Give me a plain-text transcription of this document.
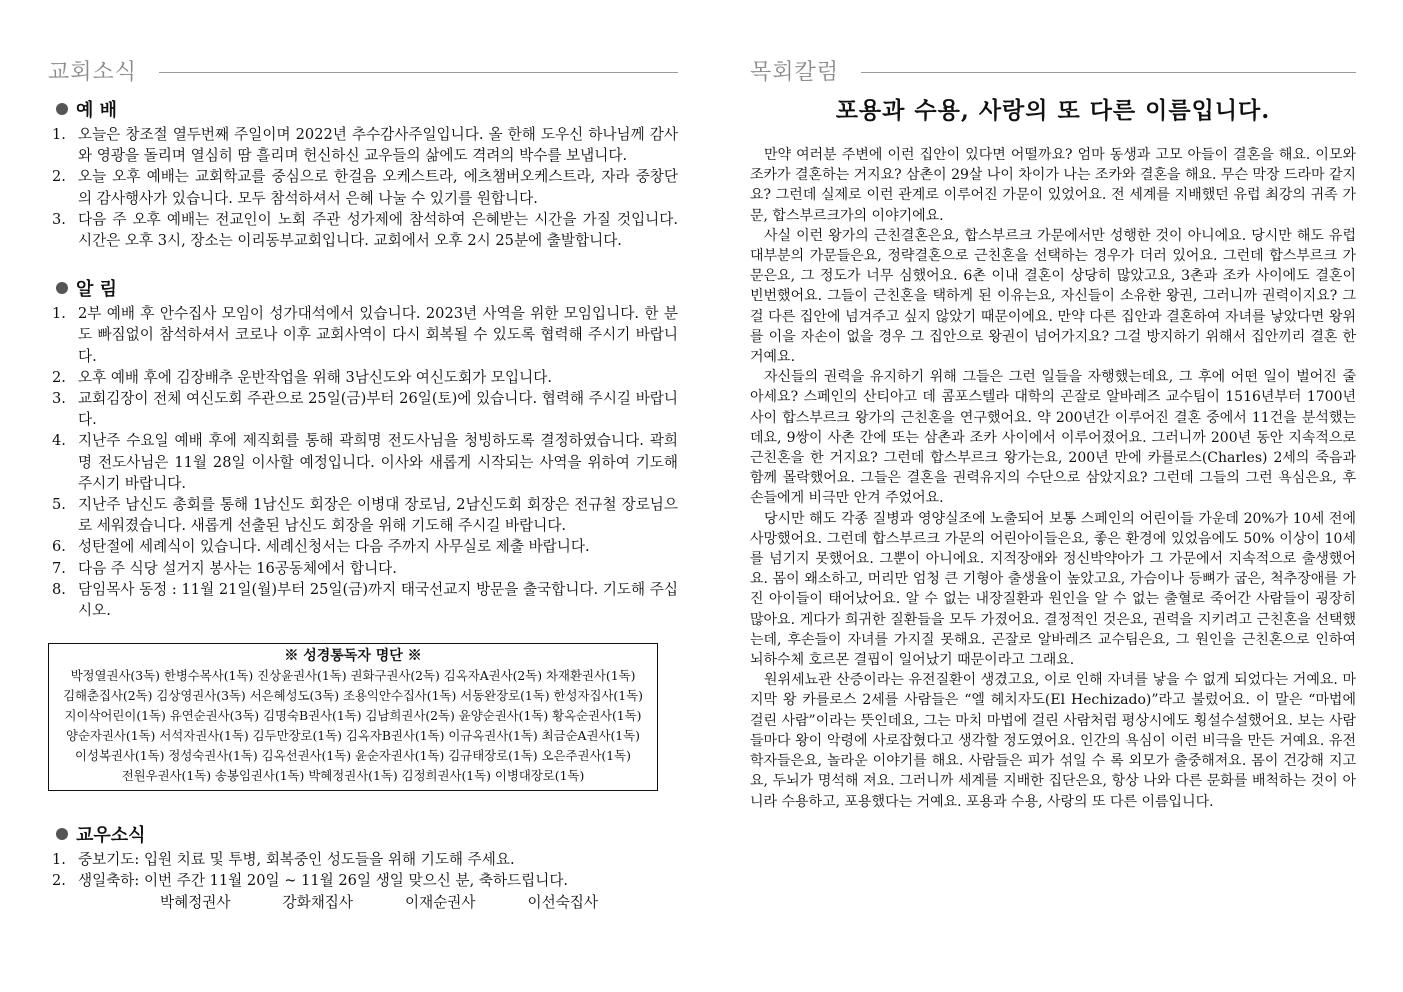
교회소식
예 배
1. 오늘은 창조절 열두번째 주일이며 2022년 추수감사주일입니다. 올 한해 도우신 하나님께 감사와 영광을 돌리며 열심히 땀 흘리며 헌신하신 교우들의 삶에도 격려의 박수를 보냅니다.
2. 오늘 오후 예배는 교회학교를 중심으로 한걸음 오케스트라, 에츠챔버오케스트라, 자라 중창단의 감사행사가 있습니다. 모두 참석하셔서 은혜 나눌 수 있기를 원합니다.
3. 다음 주 오후 예배는 전교인이 노회 주관 성가제에 참석하여 은혜받는 시간을 가질 것입니다. 시간은 오후 3시, 장소는 이리동부교회입니다. 교회에서 오후 2시 25분에 출발합니다.
알 림
1. 2부 예배 후 안수집사 모임이 성가대석에서 있습니다. 2023년 사역을 위한 모임입니다. 한 분 도 빠짐없이 참석하셔서 코로나 이후 교회사역이 다시 회복될 수 있도록 협력해 주시기 바랍니다.
2. 오후 예배 후에 김장배추 운반작업을 위해 3남신도와 여신도회가 모입니다.
3. 교회김장이 전체 여신도회 주관으로 25일(금)부터 26일(토)에 있습니다. 협력해 주시길 바랍니다.
4. 지난주 수요일 예배 후에 제직회를 통해 곽희명 전도사님을 청빙하도록 결정하였습니다. 곽희명 전도사님은 11월 28일 이사할 예정입니다. 이사와 새롭게 시작되는 사역을 위하여 기도해 주시기 바랍니다.
5. 지난주 남신도 총회를 통해 1남신도 회장은 이병대 장로님, 2남신도회 회장은 전규철 장로님으로 세워졌습니다. 새롭게 선출된 남신도 회장을 위해 기도해 주시길 바랍니다.
6. 성탄절에 세례식이 있습니다. 세례신청서는 다음 주까지 사무실로 제출 바랍니다.
7. 다음 주 식당 설거지 봉사는 16공동체에서 합니다.
8. 담임목사 동정 : 11월 21일(월)부터 25일(금)까지 태국선교지 방문을 출국합니다. 기도해 주십시오.
※ 성경통독자 명단 ※
박정열권사(3독) 한병수목사(1독) 진상윤권사(1독) 권화구권사(2독) 김옥자A권사(2독) 차재환권사(1독)
김해춘집사(2독) 김상영권사(3독) 서은혜성도(3독) 조용익안수집사(1독) 서동완장로(1독) 한성자집사(1독)
지이삭어린이(1독) 유연순권사(3독) 김명숙B권사(1독) 김남희권사(2독) 윤양순권사(1독) 황옥순권사(1독)
양순자권사(1독) 서석자권사(1독) 김두만장로(1독) 김옥자B권사(1독) 이규옥권사(1독) 최금순A권사(1독)
이성복권사(1독) 정성숙권사(1독) 김옥선권사(1독) 윤순자권사(1독) 김규태장로(1독) 오은주권사(1독)
전원우권사(1독) 송봉임권사(1독) 박혜정권사(1독) 김정희권사(1독) 이병대장로(1독)
교우소식
1. 중보기도: 입원 치료 및 투병, 회복중인 성도들을 위해 기도해 주세요.
2. 생일축하: 이번 주간 11월 20일 ~ 11월 26일 생일 맞으신 분, 축하드립니다.
박혜정권사	강화채집사	이재순권사	이선숙집사
목회칼럼
포용과 수용, 사랑의 또 다른 이름입니다.

만약 여러분 주변에 이런 집안이 있다면 어떨까요? 엄마 동생과 고모 아들이 결혼을 해요. 이모와 조카가 결혼하는 거지요? 삼촌이 29살 나이 차이가 나는 조카와 결혼을 해요. 무슨 막장 드라마 같지요? 그런데 실제로 이런 관계로 이루어진 가문이 있었어요. 전 세계를 지배했던 유럽 최강의 귀족 가문, 합스부르크가의 이야기에요.

사실 이런 왕가의 근친결혼은요, 합스부르크 가문에서만 성행한 것이 아니에요. 당시만 해도 유럽 대부분의 가문들은요, 정략결혼으로 근친혼을 선택하는 경우가 더러 있어요. 그런데 합스부르크 가문은요, 그 정도가 너무 심했어요. 6촌 이내 결혼이 상당히 많았고요, 3촌과 조카 사이에도 결혼이 빈번했어요. 그들이 근친혼을 택하게 된 이유는요, 자신들이 소유한 왕권, 그러니까 권력이지요? 그걸 다른 집안에 넘겨주고 싶지 않았기 때문이에요. 만약 다른 집안과 결혼하여 자녀를 낳았다면 왕위를 이을 자손이 없을 경우 그 집안으로 왕권이 넘어가지요? 그걸 방지하기 위해서 집안끼리 결혼 한 거예요.

자신들의 권력을 유지하기 위해 그들은 그런 일들을 자행했는데요, 그 후에 어떤 일이 벌어진 줄 아세요? 스페인의 산티아고 데 콤포스텔라 대학의 곤잘로 알바레즈 교수팀이 1516년부터 1700년 사이 합스부르크 왕가의 근친혼을 연구했어요. 약 200년간 이루어진 결혼 중에서 11건을 분석했는데요, 9쌍이 사촌 간에 또는 삼촌과 조카 사이에서 이루어졌어요. 그러니까 200년 동안 지속적으로 근친혼을 한 거지요? 그런데 합스부르크 왕가는요, 200년 만에 카를로스(Charles) 2세의 죽음과 함께 몰락했어요. 그들은 결혼을 권력유지의 수단으로 삼았지요? 그런데 그들의 그런 욕심은요, 후손들에게 비극만 안겨 주었어요.

당시만 해도 각종 질병과 영양실조에 노출되어 보통 스페인의 어린이들 가운데 20%가 10세 전에 사망했어요. 그런데 합스부르크 가문의 어린아이들은요, 좋은 환경에 있었음에도 50% 이상이 10세를 넘기지 못했어요. 그뿐이 아니에요. 지적장애와 정신박약아가 그 가문에서 지속적으로 출생했어요. 몸이 왜소하고, 머리만 엄청 큰 기형아 출생율이 높았고요, 가슴이나 등뼈가 굽은, 척추장애를 가진 아이들이 태어났어요. 알 수 없는 내장질환과 원인을 알 수 없는 출혈로 죽어간 사람들이 굉장히 많아요. 게다가 희귀한 질환들을 모두 가졌어요. 결정적인 것은요, 권력을 지키려고 근친혼을 선택했는데, 후손들이 자녀를 가지질 못해요. 곤잘로 알바레즈 교수팀은요, 그 원인을 근친혼으로 인하여 뇌하수체 호르몬 결핍이 일어났기 때문이라고 그래요.

원위세뇨관 산증이라는 유전질환이 생겼고요, 이로 인해 자녀를 낳을 수 없게 되었다는 거예요. 마지막 왕 카를로스 2세를 사람들은 “엘 헤치자도(El Hechizado)”라고 불렀어요. 이 말은 “마법에 걸린 사람”이라는 뜻인데요, 그는 마치 마법에 걸린 사람처럼 평상시에도 횡설수설했어요. 보는 사람들마다 왕이 악령에 사로잡혔다고 생각할 정도였어요. 인간의 욕심이 이런 비극을 만든 거예요. 유전학자들은요, 놀라운 이야기를 해요. 사람들은 피가 섞일 수 록 외모가 출중해져요. 몸이 건강해 지고요, 두뇌가 명석해 져요. 그러니까 세계를 지배한 집단은요, 항상 나와 다른 문화를 배척하는 것이 아니라 수용하고, 포용했다는 거예요. 포용과 수용, 사랑의 또 다른 이름입니다.
